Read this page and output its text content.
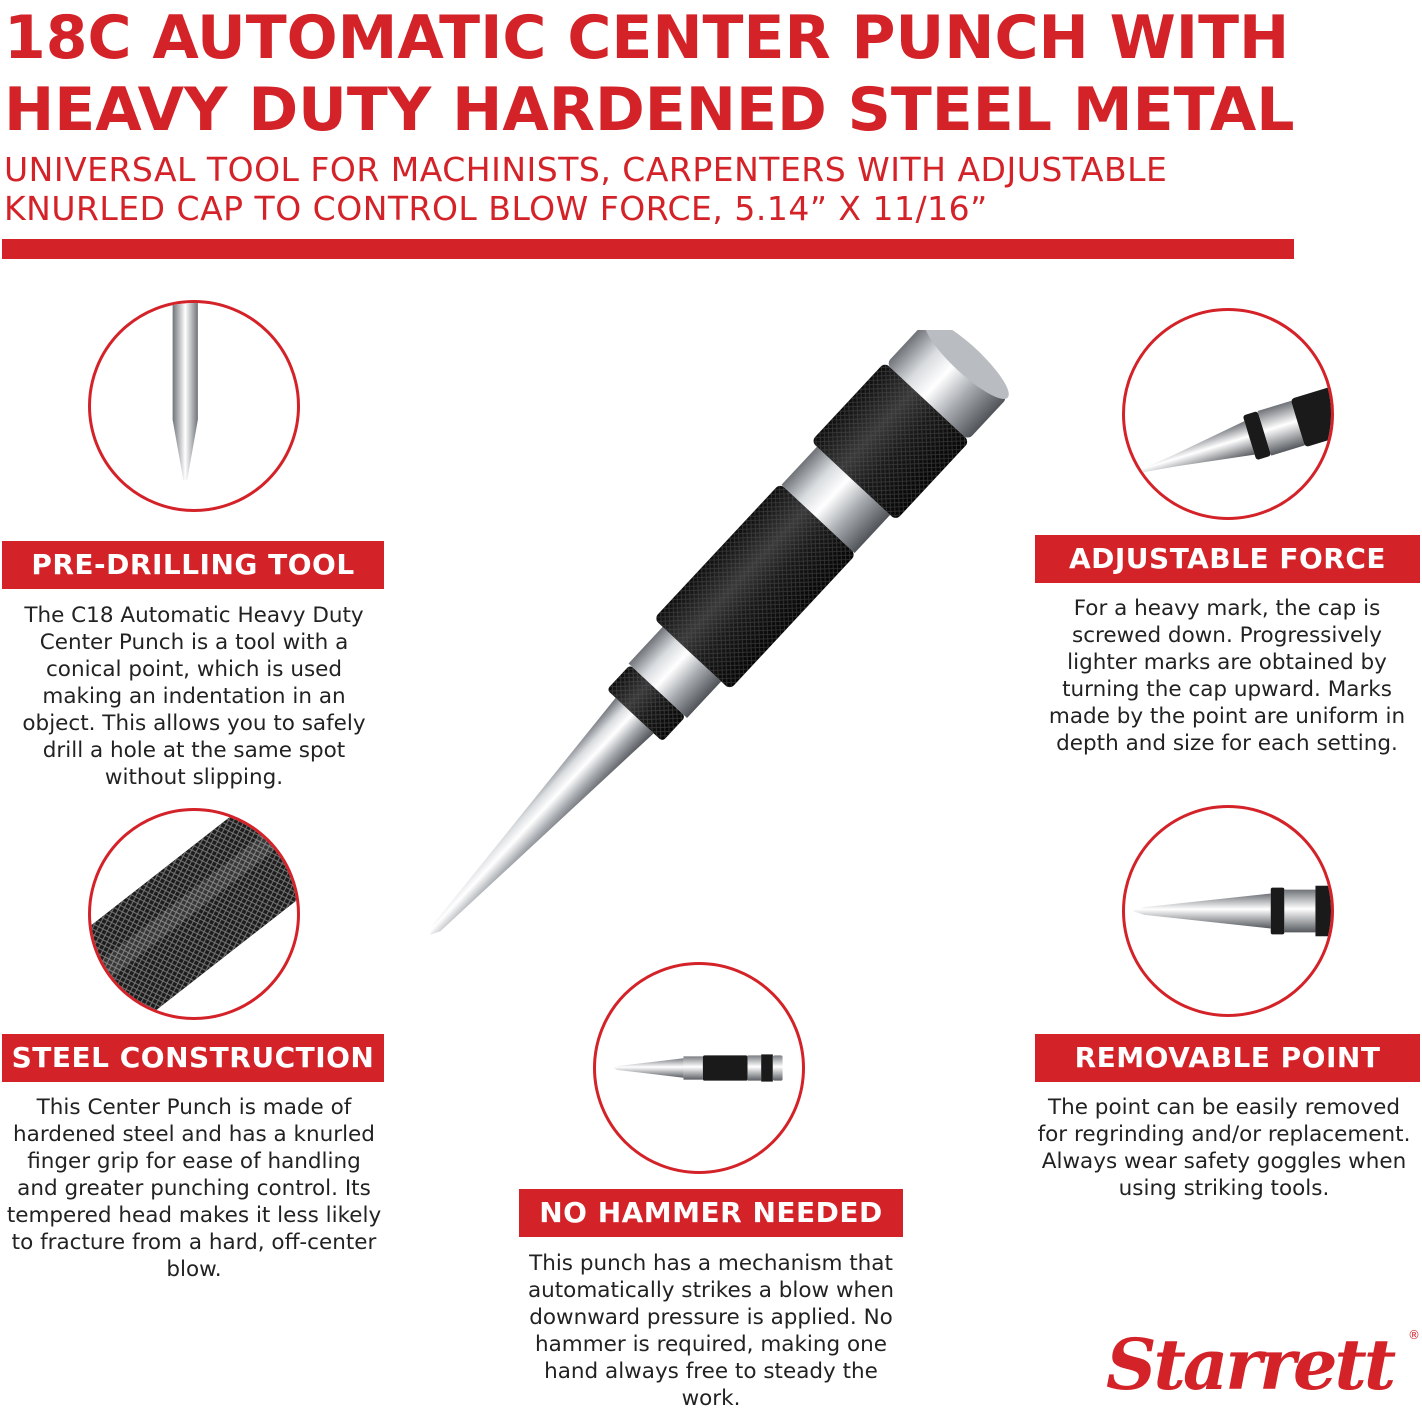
18C AUTOMATIC CENTER PUNCH WITH
HEAVY DUTY HARDENED STEEL METAL

UNIVERSAL TOOL FOR MACHINISTS, CARPENTERS WITH ADJUSTABLE
KNURLED CAP TO CONTROL BLOW FORCE, 5.14” X 11/16”

PRE-DRILLING TOOL

The C18 Automatic Heavy Duty
Center Punch is a tool with a
conical point, which is used
making an indentation in an
object. This allows you to safely
drill a hole at the same spot
without slipping.

STEEL CONSTRUCTION

This Center Punch is made of
hardened steel and has a knurled
finger grip for ease of handling
and greater punching control. Its
tempered head makes it less likely
to fracture from a hard, off-center
blow.

NO HAMMER NEEDED

This punch has a mechanism that
automatically strikes a blow when
downward pressure is applied. No
hammer is required, making one
hand always free to steady the
work.

ADJUSTABLE FORCE

For a heavy mark, the cap is
screwed down. Progressively
lighter marks are obtained by
turning the cap upward. Marks
made by the point are uniform in
depth and size for each setting.

REMOVABLE POINT

The point can be easily removed
for regrinding and/or replacement.
Always wear safety goggles when
using striking tools.

Starrett ®
